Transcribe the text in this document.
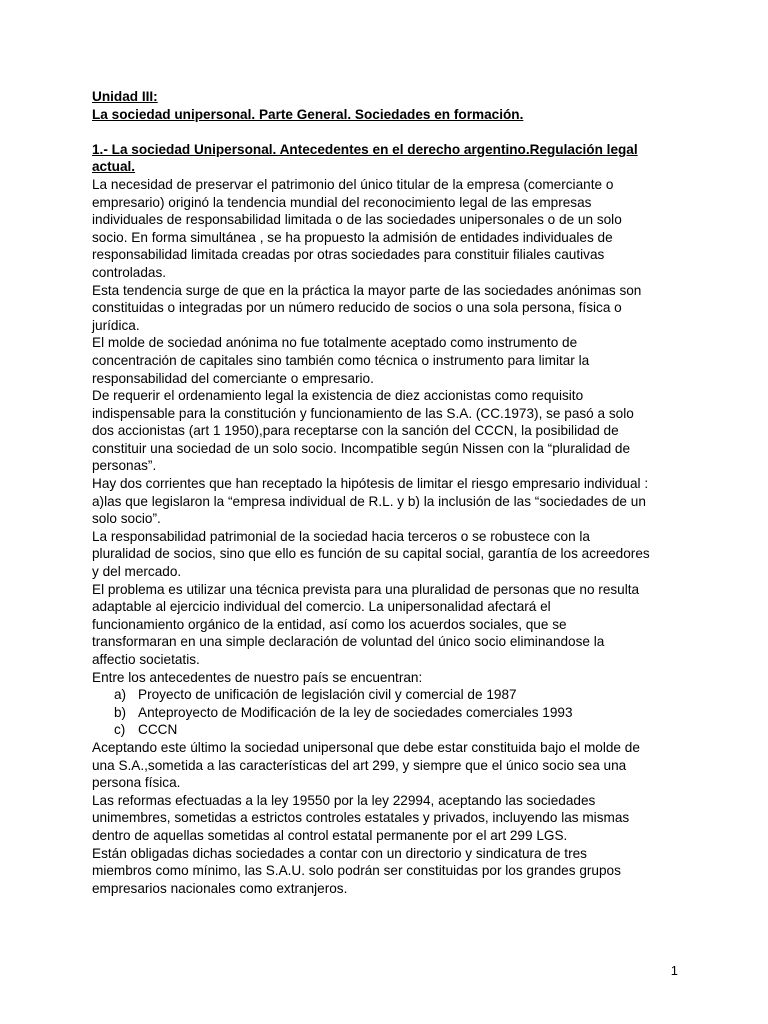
Unidad III:
La sociedad unipersonal. Parte General. Sociedades en formación.
1.- La sociedad Unipersonal. Antecedentes en el derecho argentino.Regulación legal
actual.
La necesidad de preservar el patrimonio del único titular de la empresa (comerciante o
empresario) originó la tendencia mundial del reconocimiento legal de las empresas
individuales de responsabilidad limitada o de las sociedades unipersonales o de un solo
socio. En forma simultánea , se ha propuesto la admisión de entidades individuales de
responsabilidad limitada creadas por otras sociedades para constituir filiales cautivas
controladas.
Esta tendencia surge de que en la práctica la mayor parte de las sociedades anónimas son
constituidas o integradas por un número reducido de socios o una sola persona, física o
jurídica.
El molde de sociedad anónima no fue totalmente aceptado como instrumento de
concentración de capitales sino también como técnica o instrumento para limitar la
responsabilidad del comerciante o empresario.
De requerir el ordenamiento legal la existencia de diez accionistas como requisito
indispensable para la constitución y funcionamiento de las S.A. (CC.1973), se pasó a solo
dos accionistas (art 1 1950),para receptarse con la sanción del CCCN, la posibilidad de
constituir una sociedad de un solo socio. Incompatible según Nissen con la “pluralidad de
personas”.
Hay dos corrientes que han receptado la hipótesis de limitar el riesgo empresario individual :
a)las que legislaron la “empresa individual de R.L. y b) la inclusión de las “sociedades de un
solo socio”.
La responsabilidad patrimonial de la sociedad hacia terceros o se robustece con la
pluralidad de socios, sino que ello es función de su capital social, garantía de los acreedores
y del mercado.
El problema es utilizar una técnica prevista para una pluralidad de personas que no resulta
adaptable al ejercicio individual del comercio. La unipersonalidad afectará el
funcionamiento orgánico de la entidad, así como los acuerdos sociales, que se
transformaran en una simple declaración de voluntad del único socio eliminandose la
affectio societatis.
Entre los antecedentes de nuestro país se encuentran:
a) Proyecto de unificación de legislación civil y comercial de 1987
b) Anteproyecto de Modificación de la ley de sociedades comerciales 1993
c) CCCN
Aceptando este último la sociedad unipersonal que debe estar constituida bajo el molde de
una S.A.,sometida a las características del art 299, y siempre que el único socio sea una
persona física.
Las reformas efectuadas a la ley 19550 por la ley 22994, aceptando las sociedades
unimembres, sometidas a estrictos controles estatales y privados, incluyendo las mismas
dentro de aquellas sometidas al control estatal permanente por el art 299 LGS.
Están obligadas dichas sociedades a contar con un directorio y sindicatura de tres
miembros como mínimo, las S.A.U. solo podrán ser constituidas por los grandes grupos
empresarios nacionales como extranjeros.
1
